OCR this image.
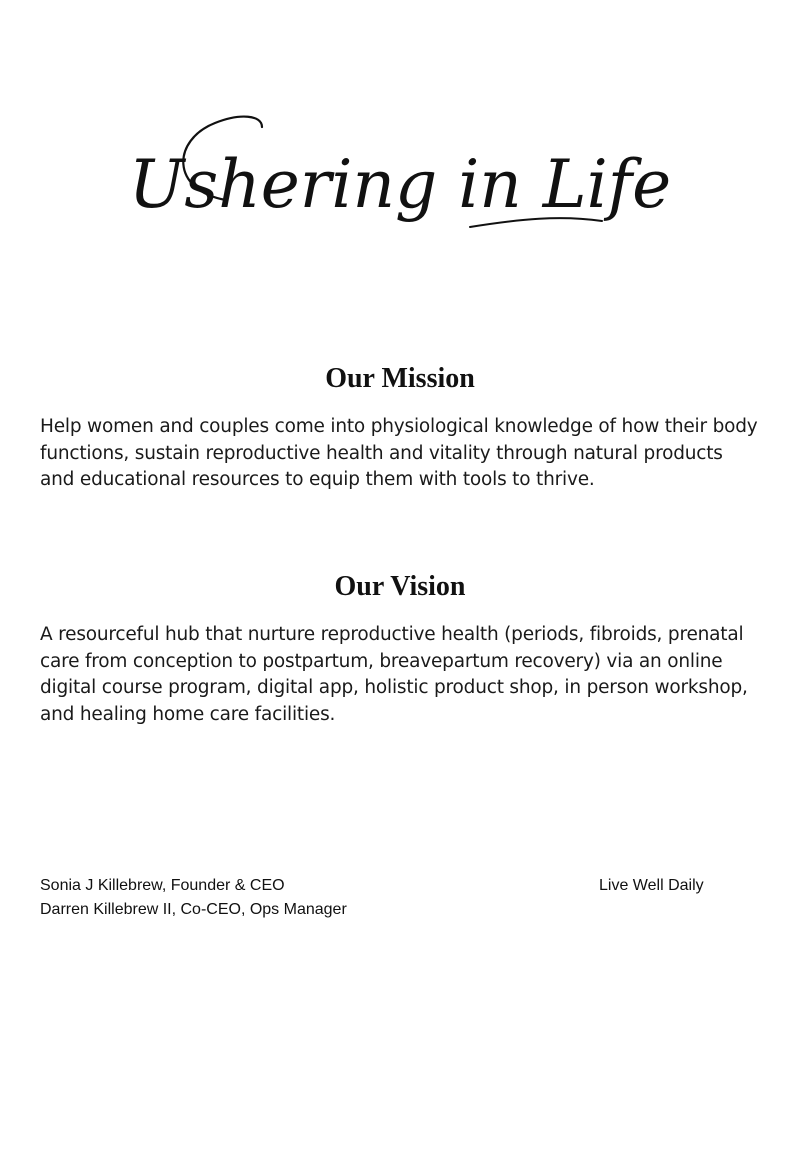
Ushering in Life
Our Mission

Help women and couples come into physiological knowledge of how their body functions, sustain reproductive health and vitality through natural products and educational resources to equip them with tools to thrive.

Our Vision

A resourceful hub that nurture reproductive health (periods, fibroids, prenatal care from conception to postpartum, breavepartum recovery) via an online digital course program, digital app, holistic product shop, in person workshop, and healing home care facilities.

Sonia J Killebrew, Founder & CEO
Darren Killebrew II, Co-CEO, Ops Manager
Live Well Daily
